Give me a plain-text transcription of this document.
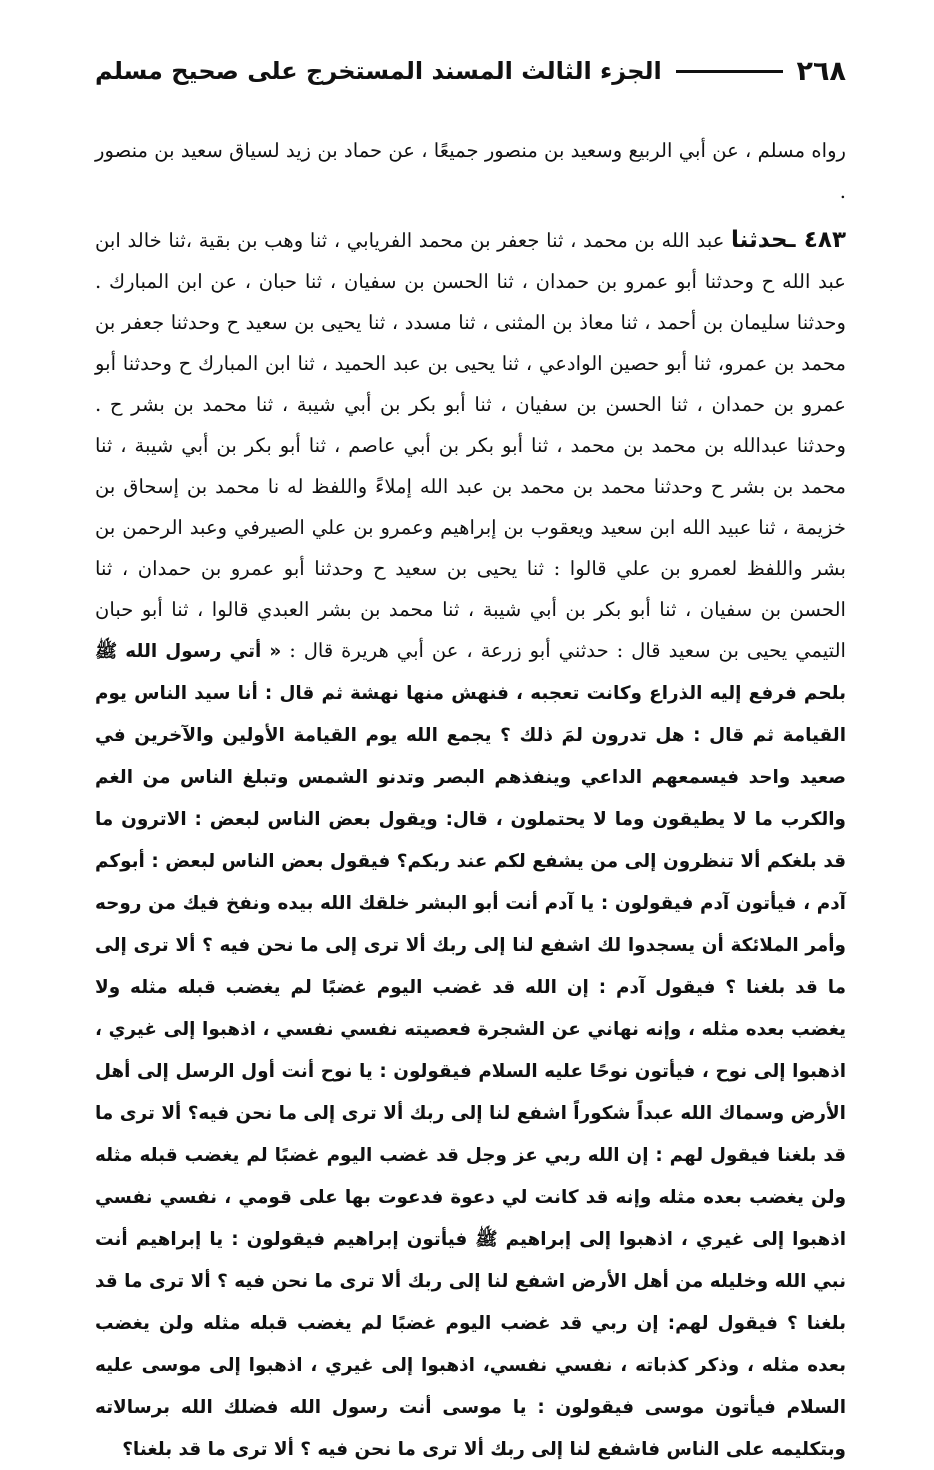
٢٦٨
الجزء الثالث المسند المستخرج على صحيح مسلم

رواه مسلم ، عن أبي الربيع وسعيد بن منصور جميعًا ، عن حماد بن زيد لسياق سعيد بن منصور .

٤٨٣ ـحدثنا عبد الله بن محمد ، ثنا جعفر بن محمد الفريابي ، ثنا وهب بن بقية ،ثنا خالد ابن عبد الله ح وحدثنا أبو عمرو بن حمدان ، ثنا الحسن بن سفيان ، ثنا حبان ، عن ابن المبارك . وحدثنا سليمان بن أحمد ، ثنا معاذ بن المثنى ، ثنا مسدد ، ثنا يحيى بن سعيد ح وحدثنا جعفر بن محمد بن عمرو، ثنا أبو حصين الوادعي ، ثنا يحيى بن عبد الحميد ، ثنا ابن المبارك ح وحدثنا أبو عمرو بن حمدان ، ثنا الحسن بن سفيان ، ثنا أبو بكر بن أبي شيبة ، ثنا محمد بن بشر ح . وحدثنا عبدالله بن محمد بن محمد ، ثنا أبو بكر بن أبي عاصم ، ثنا أبو بكر بن أبي شيبة ، ثنا محمد بن بشر ح وحدثنا محمد بن محمد بن عبد الله إملاءً واللفظ له نا محمد بن إسحاق بن خزيمة ، ثنا عبيد الله ابن سعيد ويعقوب بن إبراهيم وعمرو بن علي الصيرفي وعبد الرحمن بن بشر واللفظ لعمرو بن علي قالوا : ثنا يحيى بن سعيد ح وحدثنا أبو عمرو بن حمدان ، ثنا الحسن بن سفيان ، ثنا أبو بكر بن أبي شيبة ، ثنا محمد بن بشر العبدي قالوا ، ثنا أبو حبان التيمي يحيى بن سعيد قال : حدثني أبو زرعة ، عن أبي هريرة قال : « أتي رسول الله ﷺ بلحم فرفع إليه الذراع وكانت تعجبه ، فنهش منها نهشة ثم قال : أنا سيد الناس يوم القيامة ثم قال : هل تدرون لمَ ذلك ؟ يجمع الله يوم القيامة الأولين والآخرين في صعيد واحد فيسمعهم الداعي وينفذهم البصر وتدنو الشمس وتبلغ الناس من الغم والكرب ما لا يطيقون وما لا يحتملون ، قال: ويقول بعض الناس لبعض : الاترون ما قد بلغكم ألا تنظرون إلى من يشفع لكم عند ربكم؟ فيقول بعض الناس لبعض : أبوكم آدم ، فيأتون آدم فيقولون : يا آدم أنت أبو البشر خلقك الله بيده ونفخ فيك من روحه وأمر الملائكة أن يسجدوا لك اشفع لنا إلى ربك ألا ترى إلى ما نحن فيه ؟ ألا ترى إلى ما قد بلغنا ؟ فيقول آدم : إن الله قد غضب اليوم غضبًا لم يغضب قبله مثله ولا يغضب بعده مثله ، وإنه نهاني عن الشجرة فعصيته نفسي نفسي ، اذهبوا إلى غيري ، اذهبوا إلى نوح ، فيأتون نوحًا عليه السلام فيقولون : يا نوح أنت أول الرسل إلى أهل الأرض وسماك الله عبداً شكوراً اشفع لنا إلى ربك ألا ترى إلى ما نحن فيه؟ ألا ترى ما قد بلغنا فيقول لهم : إن الله ربي عز وجل قد غضب اليوم غضبًا لم يغضب قبله مثله ولن يغضب بعده مثله وإنه قد كانت لي دعوة فدعوت بها على قومي ، نفسي نفسي اذهبوا إلى غيري ، اذهبوا إلى إبراهيم ﷺ فيأتون إبراهيم فيقولون : يا إبراهيم أنت نبي الله وخليله من أهل الأرض اشفع لنا إلى ربك ألا ترى ما نحن فيه ؟ ألا ترى ما قد بلغنا ؟ فيقول لهم: إن ربي قد غضب اليوم غضبًا لم يغضب قبله مثله ولن يغضب بعده مثله ، وذكر كذباته ، نفسي نفسي، اذهبوا إلى غيري ، اذهبوا إلى موسى عليه السلام فيأتون موسى فيقولون : يا موسى أنت رسول الله فضلك الله برسالاته وبتكليمه على الناس فاشفع لنا إلى ربك ألا ترى ما نحن فيه ؟ ألا ترى ما قد بلغنا؟
